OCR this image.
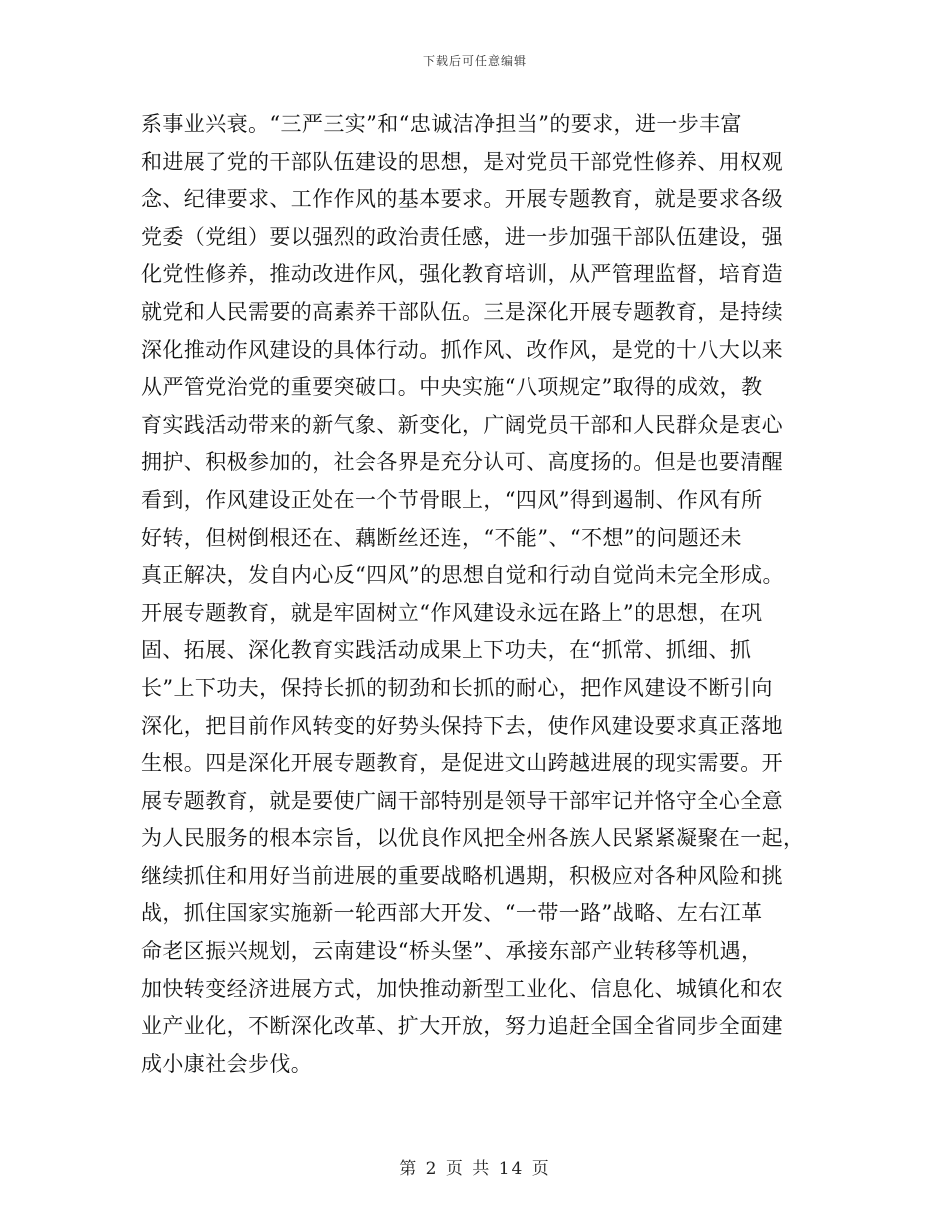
下载后可任意编辑
系事业兴衰。“三严三实”和“忠诚洁净担当”的要求，进一步丰富
和进展了党的干部队伍建设的思想，是对党员干部党性修养、用权观
念、纪律要求、工作作风的基本要求。开展专题教育，就是要求各级
党委（党组）要以强烈的政治责任感，进一步加强干部队伍建设，强
化党性修养，推动改进作风，强化教育培训，从严管理监督，培育造
就党和人民需要的高素养干部队伍。三是深化开展专题教育，是持续
深化推动作风建设的具体行动。抓作风、改作风，是党的十八大以来
从严管党治党的重要突破口。中央实施“八项规定”取得的成效，教
育实践活动带来的新气象、新变化，广阔党员干部和人民群众是衷心
拥护、积极参加的，社会各界是充分认可、高度扬的。但是也要清醒
看到，作风建设正处在一个节骨眼上，“四风”得到遏制、作风有所
好转，但树倒根还在、藕断丝还连，“不能”、“不想”的问题还未
真正解决，发自内心反“四风”的思想自觉和行动自觉尚未完全形成。
开展专题教育，就是牢固树立“作风建设永远在路上”的思想，在巩
固、拓展、深化教育实践活动成果上下功夫，在“抓常、抓细、抓
长”上下功夫，保持长抓的韧劲和长抓的耐心，把作风建设不断引向
深化，把目前作风转变的好势头保持下去，使作风建设要求真正落地
生根。四是深化开展专题教育，是促进文山跨越进展的现实需要。开
展专题教育，就是要使广阔干部特别是领导干部牢记并恪守全心全意
为人民服务的根本宗旨，以优良作风把全州各族人民紧紧凝聚在一起，
继续抓住和用好当前进展的重要战略机遇期，积极应对各种风险和挑
战，抓住国家实施新一轮西部大开发、“一带一路”战略、左右江革
命老区振兴规划，云南建设“桥头堡”、承接东部产业转移等机遇，
加快转变经济进展方式，加快推动新型工业化、信息化、城镇化和农
业产业化，不断深化改革、扩大开放，努力追赶全国全省同步全面建
成小康社会步伐。
第 2 页 共 14 页
